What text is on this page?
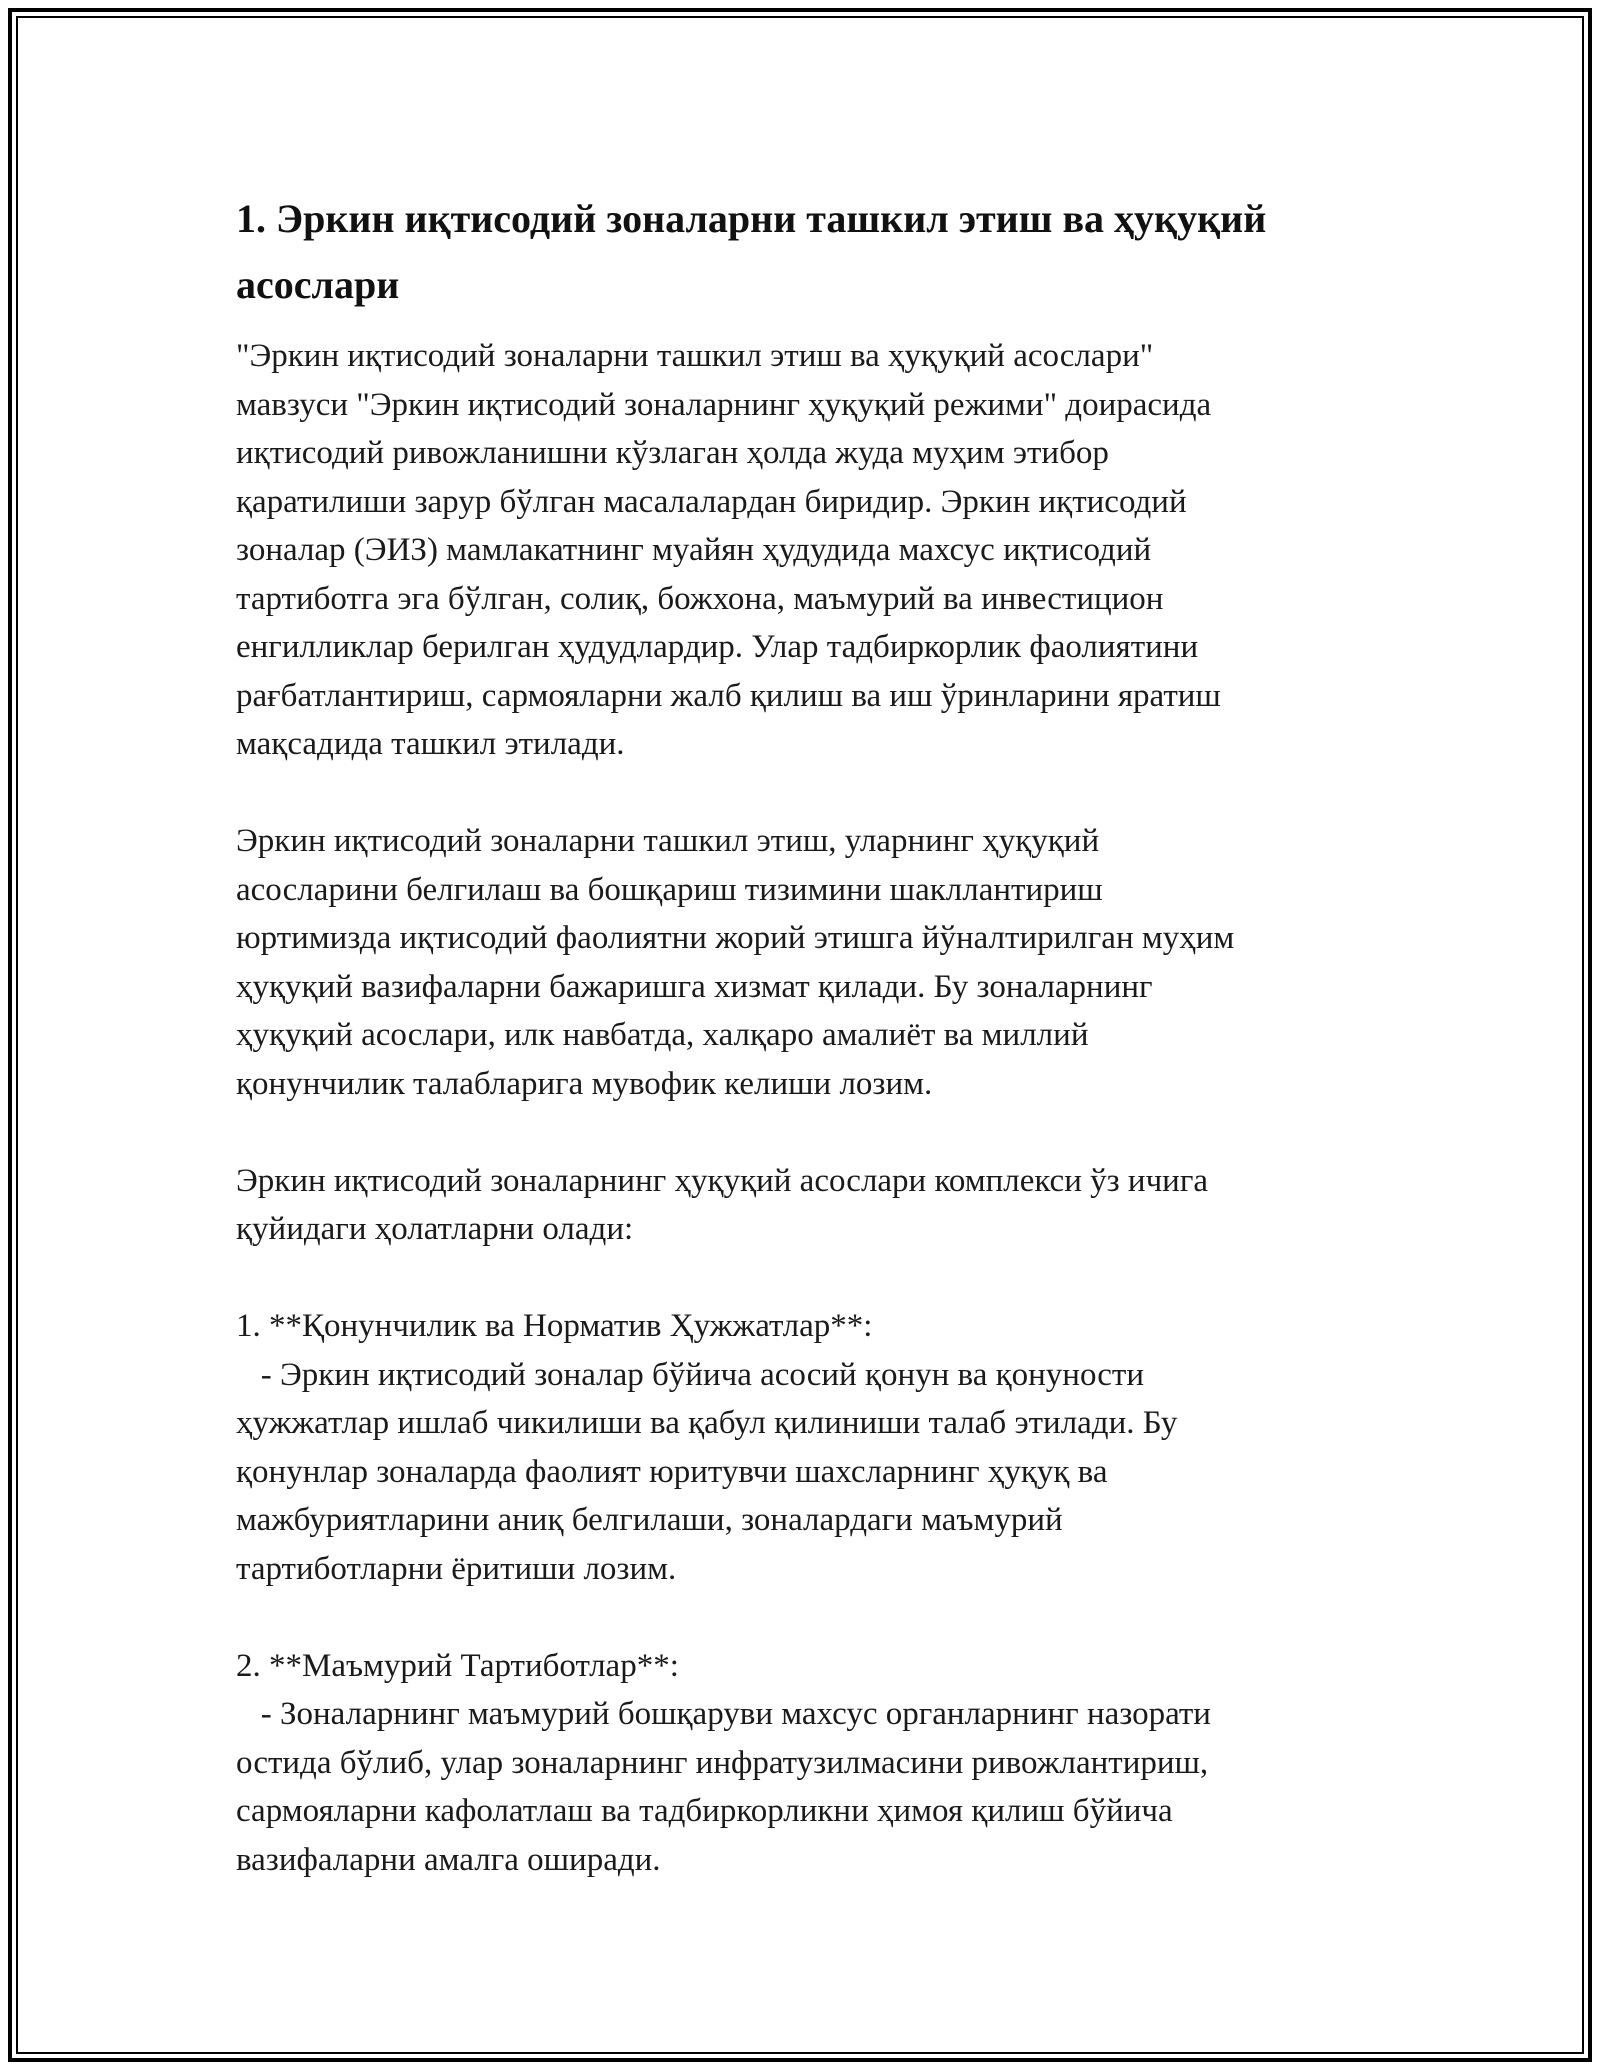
1. Эркин иқтисодий зоналарни ташкил этиш ва ҳуқуқий
асослари
"Эркин иқтисодий зоналарни ташкил этиш ва ҳуқуқий асослари"
мавзуси "Эркин иқтисодий зоналарнинг ҳуқуқий режими" доирасида
иқтисодий ривожланишни кўзлаган ҳолда жуда муҳим этибор
қаратилиши зарур бўлган масалалардан биридир. Эркин иқтисодий
зоналар (ЭИЗ) мамлакатнинг муайян ҳудудида махсус иқтисодий
тартиботга эга бўлган, солиқ, божхона, маъмурий ва инвестицион
енгилликлар берилган ҳудудлардир. Улар тадбиркорлик фаолиятини
рағбатлантириш, сармояларни жалб қилиш ва иш ўринларини яратиш
мақсадида ташкил этилади.
Эркин иқтисодий зоналарни ташкил этиш, уларнинг ҳуқуқий
асосларини белгилаш ва бошқариш тизимини шакллантириш
юртимизда иқтисодий фаолиятни жорий этишга йўналтирилган муҳим
ҳуқуқий вазифаларни бажаришга хизмат қилади. Бу зоналарнинг
ҳуқуқий асослари, илк навбатда, халқаро амалиёт ва миллий
қонунчилик талабларига мувофик келиши лозим.
Эркин иқтисодий зоналарнинг ҳуқуқий асослари комплекси ўз ичига
қуйидаги ҳолатларни олади:
1. **Қонунчилик ва Норматив Ҳужжатлар**:
- Эркин иқтисодий зоналар бўйича асосий қонун ва қонуности
ҳужжатлар ишлаб чикилиши ва қабул қилиниши талаб этилади. Бу
қонунлар зоналарда фаолият юритувчи шахсларнинг ҳуқуқ ва
мажбуриятларини аниқ белгилаши, зоналардаги маъмурий
тартиботларни ёритиши лозим.
2. **Маъмурий Тартиботлар**:
- Зоналарнинг маъмурий бошқаруви махсус органларнинг назорати
остида бўлиб, улар зоналарнинг инфратузилмасини ривожлантириш,
сармояларни кафолатлаш ва тадбиркорликни ҳимоя қилиш бўйича
вазифаларни амалга оширади.
